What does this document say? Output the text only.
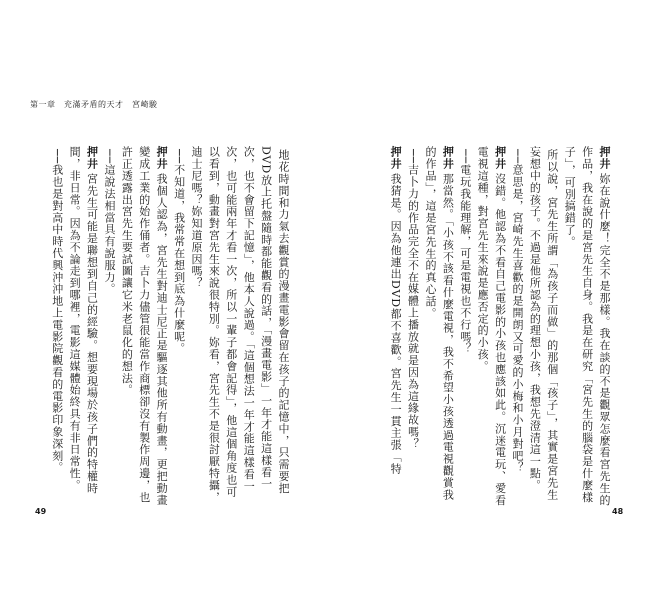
第一章　充滿矛盾的天才　宮崎駿

押井妳在說什麼！完全不是那樣。我在談的不是觀眾怎麼看宮先生的作品，我在說的是宮先生自身。我是在研究「宮先生的腦袋是什麼樣子」，可別搞錯了。

所以說，宮先生所謂「為孩子而做」的那個「孩子」，其實是宮先生妄想中的孩子。不過是他所認為的理想小孩，我想先澄清這一點。

──意思是，宮崎先生喜歡的是開朗又可愛的小梅和小月對吧？

押井沒錯。他認為不看自己電影的小孩也應該如此。沉迷電玩、愛看電視這種，對宮先生來說是應否定的小孩。

──電玩我能理解，可是電視也不行嗎？

押井那當然。「小孩不該看什麼電視，我不希望小孩透過電視觀賞我的作品」，這是宮先生的真心話。

──吉卜力的作品完全不在媒體上播放就是因為這緣故嗎？

押井我猜是。因為他連出DVD都不喜歡。宮先生一貫主張「特

地花時間和力氣去觀賞的漫畫電影會留在孩子的記憶中，只需要把DVD放上托盤隨時都能觀看的話，「漫畫電影」一年才能這樣看一次，也不會留下記憶」，他本人說過。「這個想法一年才能這樣看一次，也可能兩年才看一次，所以一輩子都會記得」，他這個角度也可以看到，動畫對宮先生來說很特別。妳看，宮先生不是很討厭特攝，迪士尼嗎？妳知道原因嗎？

──不知道，我常常在想到底為什麼呢。

押井我個人認為，宮先生對迪士尼正是驅逐其他所有動畫，更把動畫變成工業的始作俑者。吉卜力儘管很能當作商標卻沒有製作周邊，也許正透露出宮先生要試圖讓它米老鼠化的想法。

──這說法相當具有說服力。

押井宮先生可能是聯想到自己的經驗。想要現場於孩子們的特權時間，非日常。因為不論走到哪裡，電影這媒體始終具有非日常性。

──我也是對高中時代興沖沖地上電影院觀看的電影印象深刻。

49	48
